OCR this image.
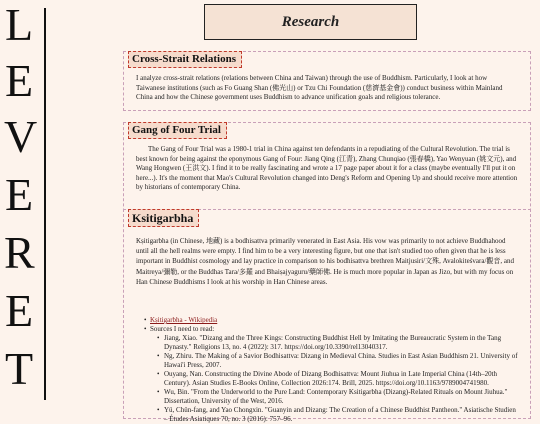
L
E
V
E
R
E
T
Research
Cross-Strait Relations
I analyze cross-strait relations (relations between China and Taiwan) through the use of Buddhism. Particularly, I look at how Taiwanese institutions (such as Fo Guang Shan (佛光山) or Tzu Chi Foundation (慈濟基金會)) conduct business within Mainland China and how the Chinese government uses Buddhism to advance unification goals and religious tolerance.
Gang of Four Trial
The Gang of Four Trial was a 1980-1 trial in China against ten defendants in a repudiating of the Cultural Revolution. The trial is best known for being against the eponymous Gang of Four: Jiang Qing (江青), Zhang Chunqiao (張春橋), Yao Wenyuan (姚文元), and Wang Hongwen (王洪文). I find it to be really fascinating and wrote a 17 page paper about it for a class (maybe eventually I'll put it on here...). It's the moment that Mao's Cultural Revolution changed into Deng's Reform and Opening Up and should receive more attention by historians of contemporary China.
Ksitigarbha
Kṣitigarbha (in Chinese, 地藏) is a bodhisattva primarily venerated in East Asia. His vow was primarily to not achieve Buddhahood until all the hell realms were empty. I find him to be a very interesting figure, but one that isn't studied too often given that he is less important in Buddhist cosmology and lay practice in comparison to his bodhisattva brethren Maitjusiri/文殊, Avalokiteśvara/觀音, and Maitreya/彌勒, or the Buddhas Tara/多羅 and Bhaiṣajyaguru/藥師佛. He is much more popular in Japan as Jizo, but with my focus on Han Chinese Buddhisms I look at his worship in Han Chinese areas.
• Kṣitigarbha - Wikipedia
• Sources I need to read:
• Jiang, Xiao. "Dizang and the Three Kings: Constructing Buddhist Hell by Imitating the Bureaucratic System in the Tang Dynasty." Religions 13, no. 4 (2022): 317. https://doi.org/10.3390/rel13040317.
• Ng, Zhiru. The Making of a Savior Bodhisattva: Dizang in Medieval China. Studies in East Asian Buddhism 21. University of Hawai'i Press, 2007.
• Ouyang, Nan. Constructing the Divine Abode of Dizang Bodhisattva: Mount Jiuhua in Late Imperial China (14th–20th Century). Asian Studies E-Books Online, Collection 2026:174. Brill, 2025. https://doi.org/10.1163/9789004741980.
• Wu, Bin. "From the Underworld to the Pure Land: Contemporary Ksitigarbha (Dizang)-Related Rituals on Mount Jiuhua." Dissertation, University of the West, 2016.
• Yü, Chün-fang, and Yao Chongxin. "Guanyin and Dizang: The Creation of a Chinese Buddhist Pantheon." Asiatische Studien – Études Asiatiques 70, no. 3 (2016): 757–96.
